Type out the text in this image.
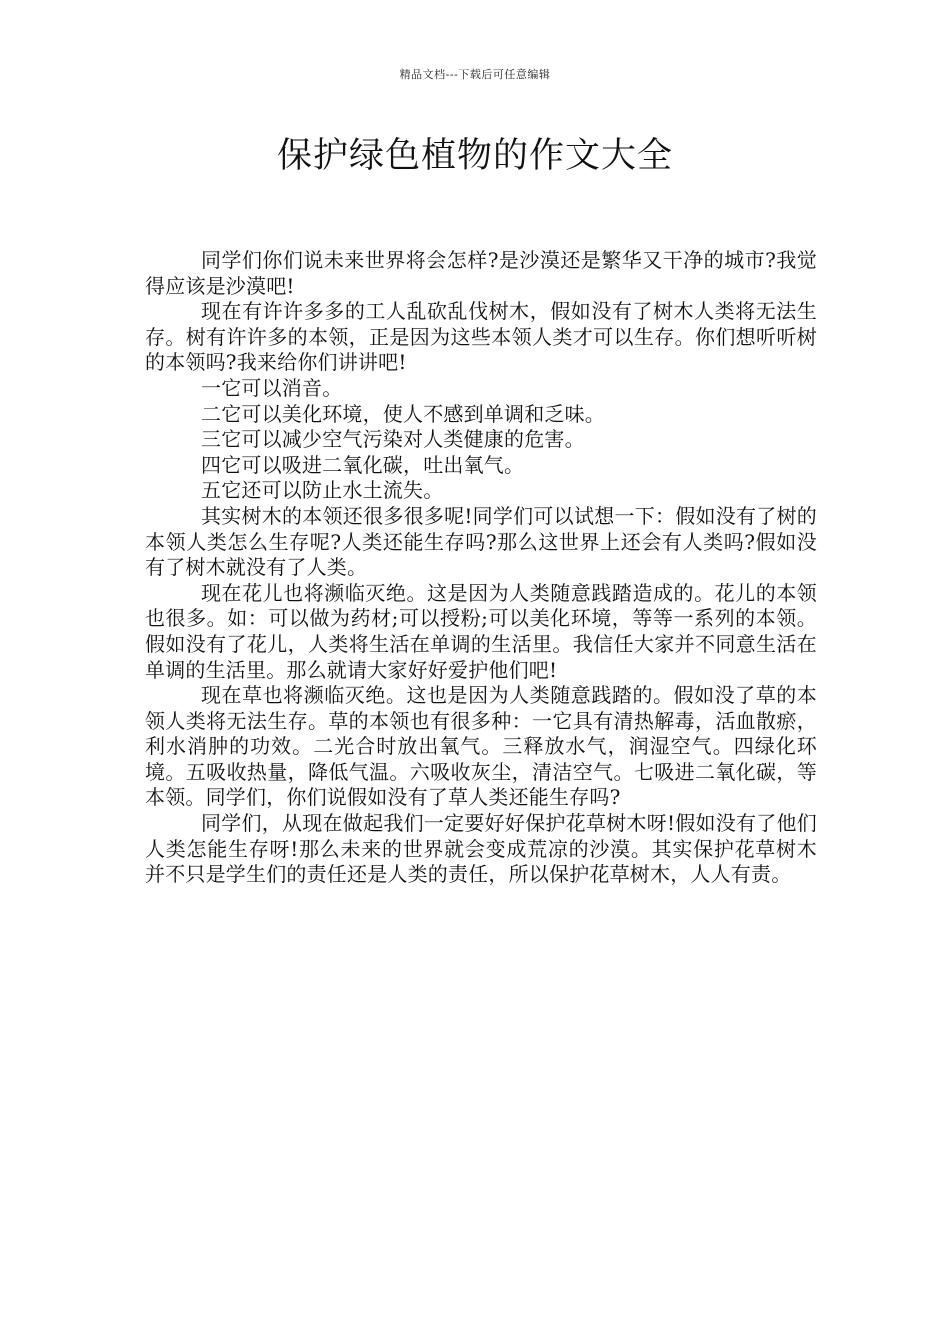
精品文档---下载后可任意编辑
保护绿色植物的作文大全

同学们你们说未来世界将会怎样?是沙漠还是繁华又干净的城市?我觉得应该是沙漠吧!

现在有许许多多的工人乱砍乱伐树木，假如没有了树木人类将无法生存。树有许许多的本领，正是因为这些本领人类才可以生存。你们想听听树的本领吗?我来给你们讲讲吧!

一它可以消音。

二它可以美化环境，使人不感到单调和乏味。

三它可以减少空气污染对人类健康的危害。

四它可以吸进二氧化碳，吐出氧气。

五它还可以防止水土流失。

其实树木的本领还很多很多呢!同学们可以试想一下：假如没有了树的本领人类怎么生存呢?人类还能生存吗?那么这世界上还会有人类吗?假如没有了树木就没有了人类。

现在花儿也将濒临灭绝。这是因为人类随意践踏造成的。花儿的本领也很多。如：可以做为药材;可以授粉;可以美化环境，等等一系列的本领。假如没有了花儿，人类将生活在单调的生活里。我信任大家并不同意生活在单调的生活里。那么就请大家好好爱护他们吧!

现在草也将濒临灭绝。这也是因为人类随意践踏的。假如没了草的本领人类将无法生存。草的本领也有很多种：一它具有清热解毒，活血散瘀，利水消肿的功效。二光合时放出氧气。三释放水气，润湿空气。四绿化环境。五吸收热量，降低气温。六吸收灰尘，清洁空气。七吸进二氧化碳，等本领。同学们，你们说假如没有了草人类还能生存吗?

同学们，从现在做起我们一定要好好保护花草树木呀!假如没有了他们人类怎能生存呀!那么未来的世界就会变成荒凉的沙漠。其实保护花草树木并不只是学生们的责任还是人类的责任，所以保护花草树木，人人有责。
